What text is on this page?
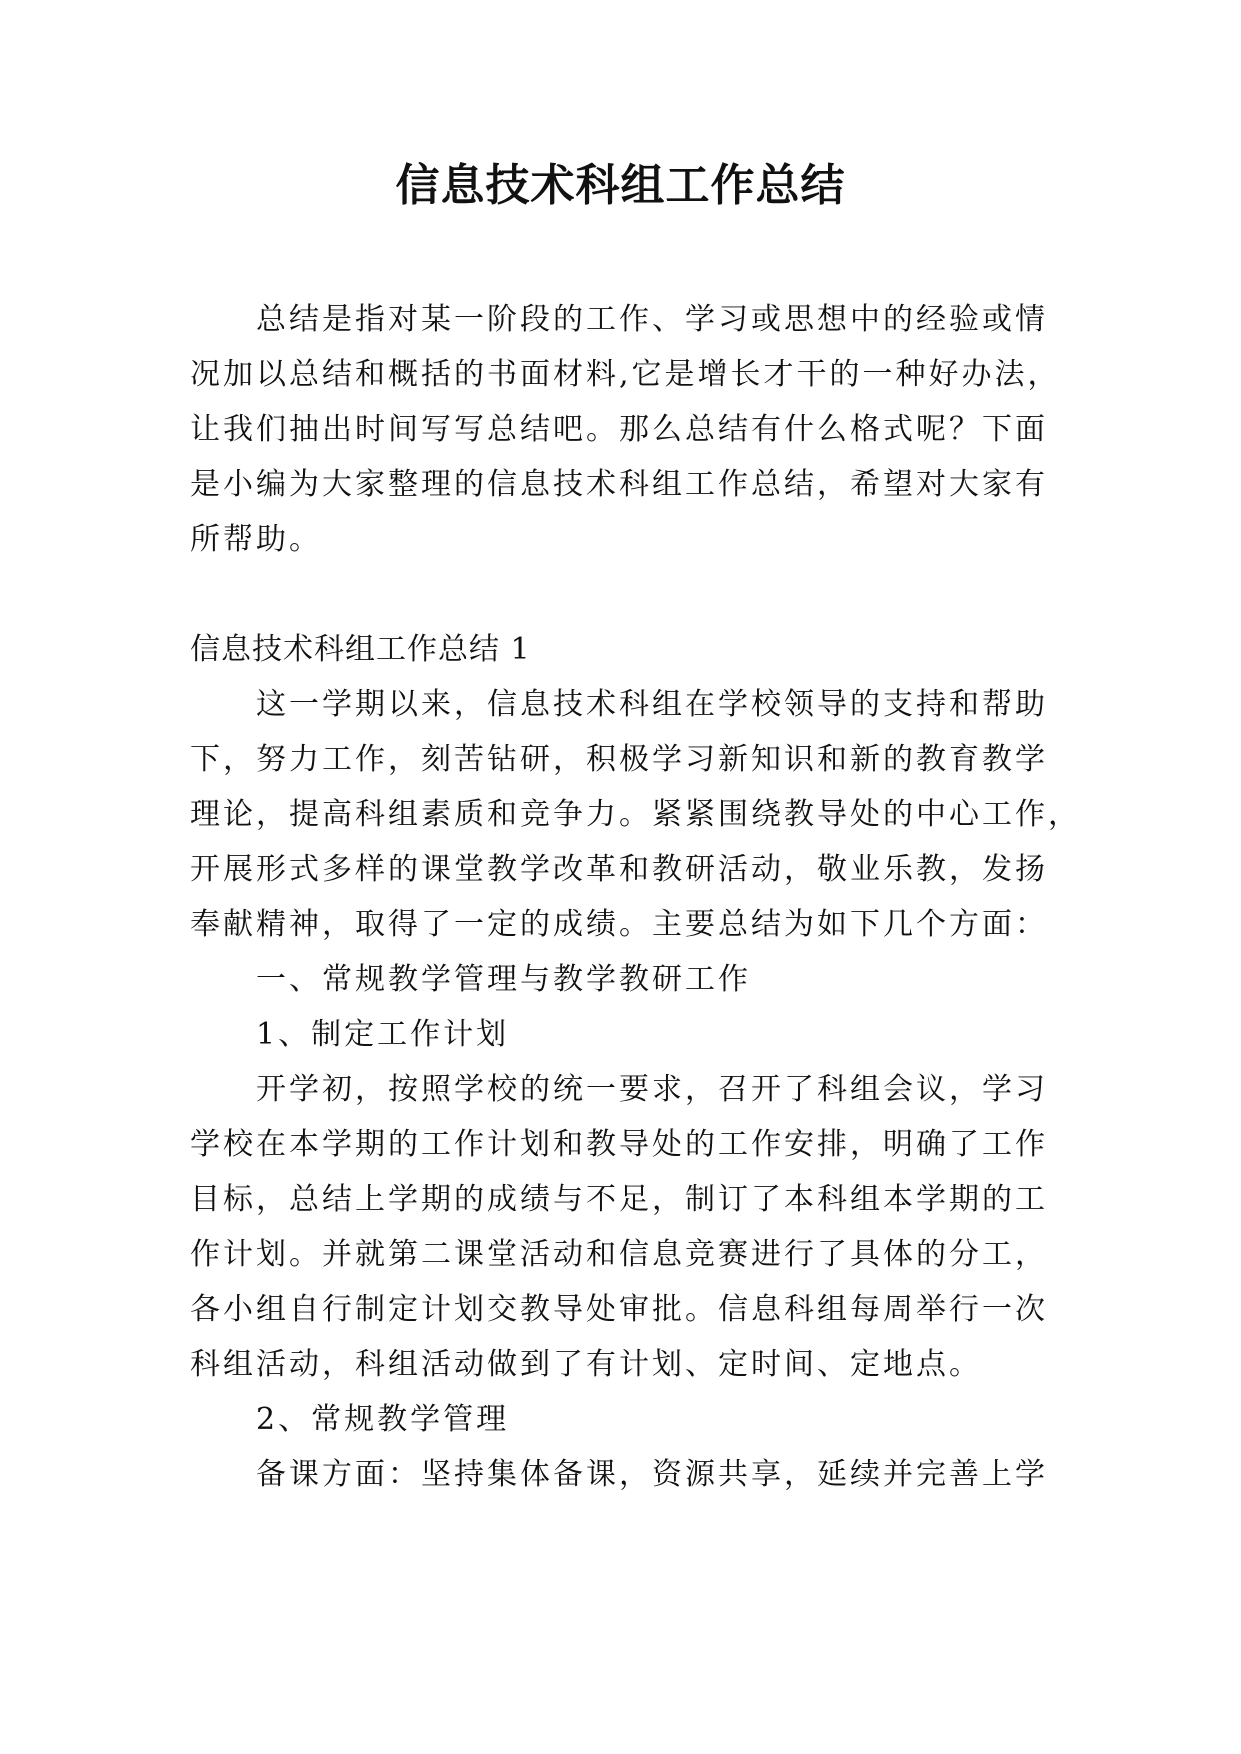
信息技术科组工作总结
总结是指对某一阶段的工作、学习或思想中的经验或情
况加以总结和概括的书面材料,它是增长才干的一种好办法，
让我们抽出时间写写总结吧。那么总结有什么格式呢？下面
是小编为大家整理的信息技术科组工作总结，希望对大家有
所帮助。
信息技术科组工作总结 1
这一学期以来，信息技术科组在学校领导的支持和帮助
下，努力工作，刻苦钻研，积极学习新知识和新的教育教学
理论，提高科组素质和竞争力。紧紧围绕教导处的中心工作，
开展形式多样的课堂教学改革和教研活动，敬业乐教，发扬
奉献精神，取得了一定的成绩。主要总结为如下几个方面：
一、常规教学管理与教学教研工作
1、制定工作计划
开学初，按照学校的统一要求，召开了科组会议，学习
学校在本学期的工作计划和教导处的工作安排，明确了工作
目标，总结上学期的成绩与不足，制订了本科组本学期的工
作计划。并就第二课堂活动和信息竞赛进行了具体的分工，
各小组自行制定计划交教导处审批。信息科组每周举行一次
科组活动，科组活动做到了有计划、定时间、定地点。
2、常规教学管理
备课方面：坚持集体备课，资源共享，延续并完善上学
